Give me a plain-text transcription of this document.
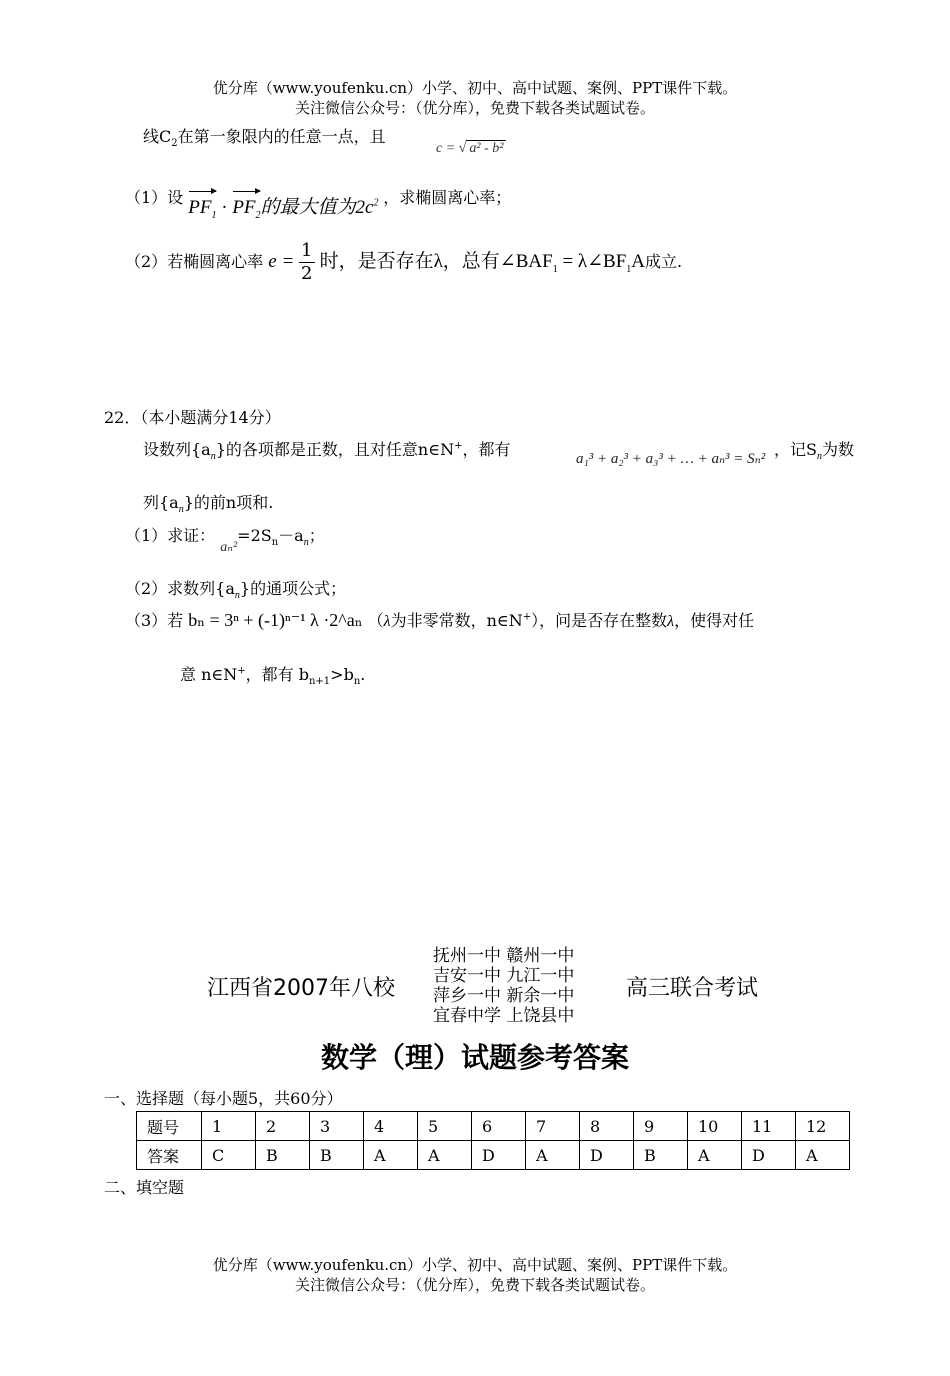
优分库（www.youfenku.cn）小学、初中、高中试题、案例、PPT课件下载。
关注微信公众号：（优分库），免费下载各类试题试卷。
线$C_2$在第一象限内的任意一点，且
c = √ a² - b²
（1）设 $PF_1 \cdot PF_2$的最大值为$2c^2$ ，求椭圆离心率；
（2）若椭圆离心率 $e = \frac{1}{2}$ 时，是否存在λ，总有$\angle BAF_1$ = $\lambda\angle BF_1A$成立.
22．（本小题满分14分）
设数列$\{a_n\}$的各项都是正数，且对任意n∈N+，都有	a₁³ + a₂³ + a₃³ + … + aₙ³ = Sₙ² ，记$S_n$为数
列$\{a_n\}$的前n项和.
（1）求证： $a_n^2=2S_n-a_n$；
（2）求数列$\{a_n\}$的通项公式；
（3）若 bₙ = 3ⁿ + (-1)ⁿ⁻¹ λ ·2^aₙ （λ为非零常数，n∈N+），问是否存在整数λ，使得对任
意 n∈N+，都有 $b_{n+1}>b_n$.
江西省2007年八校
抚州一中 赣州一中
吉安一中 九江一中
萍乡一中 新余一中
宜春中学 上饶县中
高三联合考试
数学（理）试题参考答案
一、选择题（每小题5，共60分）
题号	1	2	3	4	5	6	7	8	9	10	11	12
答案	C	B	B	A	A	D	A	D	B	A	D	A
二、填空题
优分库（www.youfenku.cn）小学、初中、高中试题、案例、PPT课件下载。
关注微信公众号：（优分库），免费下载各类试题试卷。
